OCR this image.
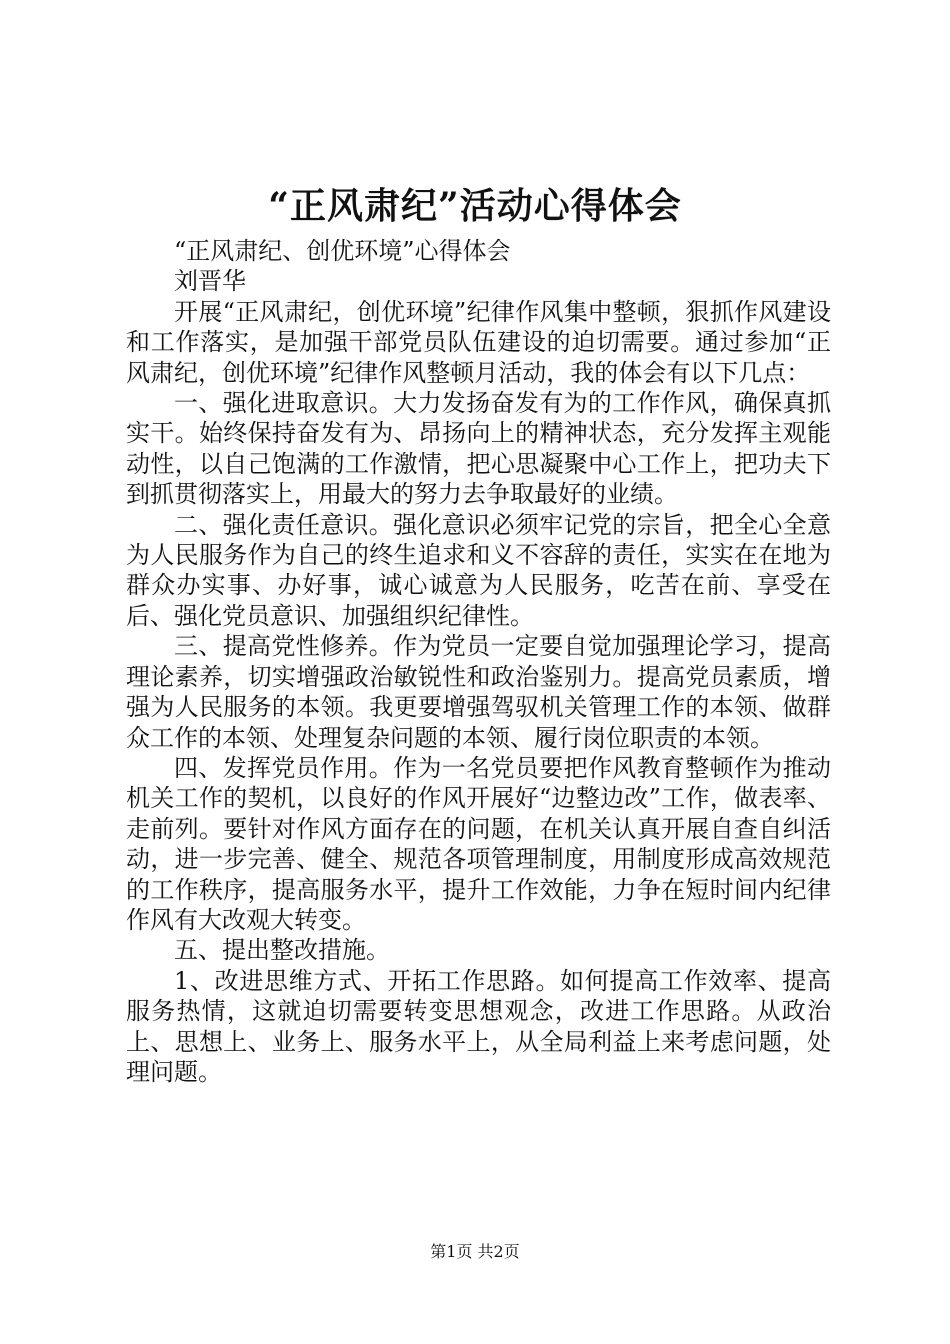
“正风肃纪”活动心得体会

“正风肃纪、创优环境”心得体会

刘晋华

开展“正风肃纪，创优环境”纪律作风集中整顿，狠抓作风建设和工作落实，是加强干部党员队伍建设的迫切需要。通过参加“正风肃纪，创优环境”纪律作风整顿月活动，我的体会有以下几点：

一、强化进取意识。大力发扬奋发有为的工作作风，确保真抓实干。始终保持奋发有为、昂扬向上的精神状态，充分发挥主观能动性，以自己饱满的工作激情，把心思凝聚中心工作上，把功夫下到抓贯彻落实上，用最大的努力去争取最好的业绩。

二、强化责任意识。强化意识必须牢记党的宗旨，把全心全意为人民服务作为自己的终生追求和义不容辞的责任，实实在在地为群众办实事、办好事，诚心诚意为人民服务，吃苦在前、享受在后、强化党员意识、加强组织纪律性。

三、提高党性修养。作为党员一定要自觉加强理论学习，提高理论素养，切实增强政治敏锐性和政治鉴别力。提高党员素质，增强为人民服务的本领。我更要增强驾驭机关管理工作的本领、做群众工作的本领、处理复杂问题的本领、履行岗位职责的本领。

四、发挥党员作用。作为一名党员要把作风教育整顿作为推动机关工作的契机，以良好的作风开展好“边整边改”工作，做表率、走前列。要针对作风方面存在的问题，在机关认真开展自查自纠活动，进一步完善、健全、规范各项管理制度，用制度形成高效规范的工作秩序，提高服务水平，提升工作效能，力争在短时间内纪律作风有大改观大转变。

五、提出整改措施。

1、改进思维方式、开拓工作思路。如何提高工作效率、提高服务热情，这就迫切需要转变思想观念，改进工作思路。从政治上、思想上、业务上、服务水平上，从全局利益上来考虑问题，处理问题。

第1页 共2页
